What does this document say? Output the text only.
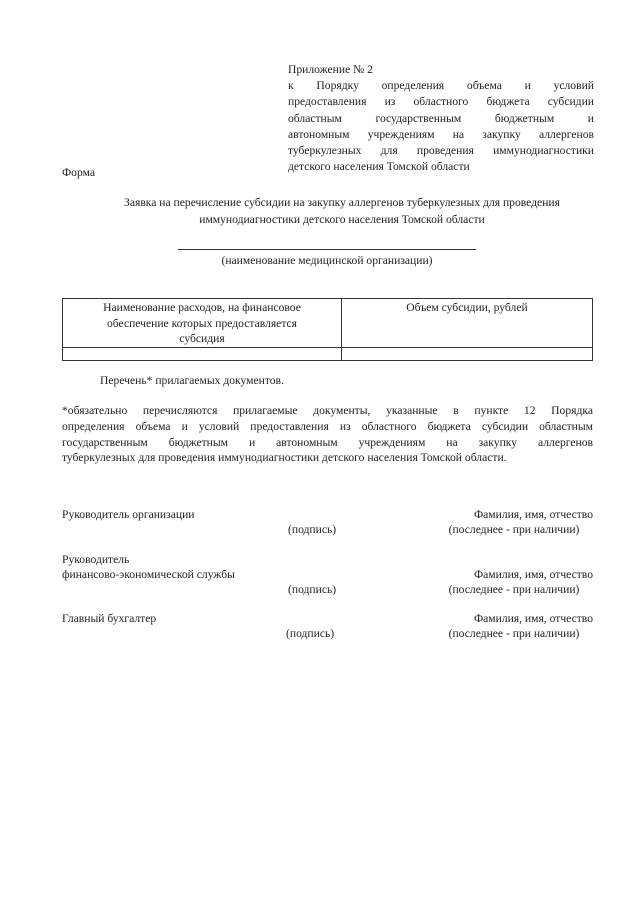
Приложение № 2
к Порядку определения объема и условий
предоставления из областного бюджета субсидии
областным государственным бюджетным и
автономным учреждениям на закупку аллергенов
туберкулезных для проведения иммунодиагностики
детского населения Томской области
Форма
Заявка на перечисление субсидии на закупку аллергенов туберкулезных для проведения
иммунодиагностики детского населения Томской области
(наименование медицинской организации)
Наименование расходов, на финансовое
обеспечение которых предоставляется
субсидия	Объем субсидии, рублей

Перечень* прилагаемых документов.
*обязательно перечисляются прилагаемые документы, указанные в пункте 12 Порядка
определения объема и условий предоставления из областного бюджета субсидии областным
государственным бюджетным и автономным учреждениям на закупку аллергенов
туберкулезных для проведения иммунодиагностики детского населения Томской области.
Руководитель организации
(подпись)
Фамилия, имя, отчество
(последнее - при наличии)
Руководитель
финансово-экономической службы
(подпись)
Фамилия, имя, отчество
(последнее - при наличии)
Главный бухгалтер
(подпись)
Фамилия, имя, отчество
(последнее - при наличии)
